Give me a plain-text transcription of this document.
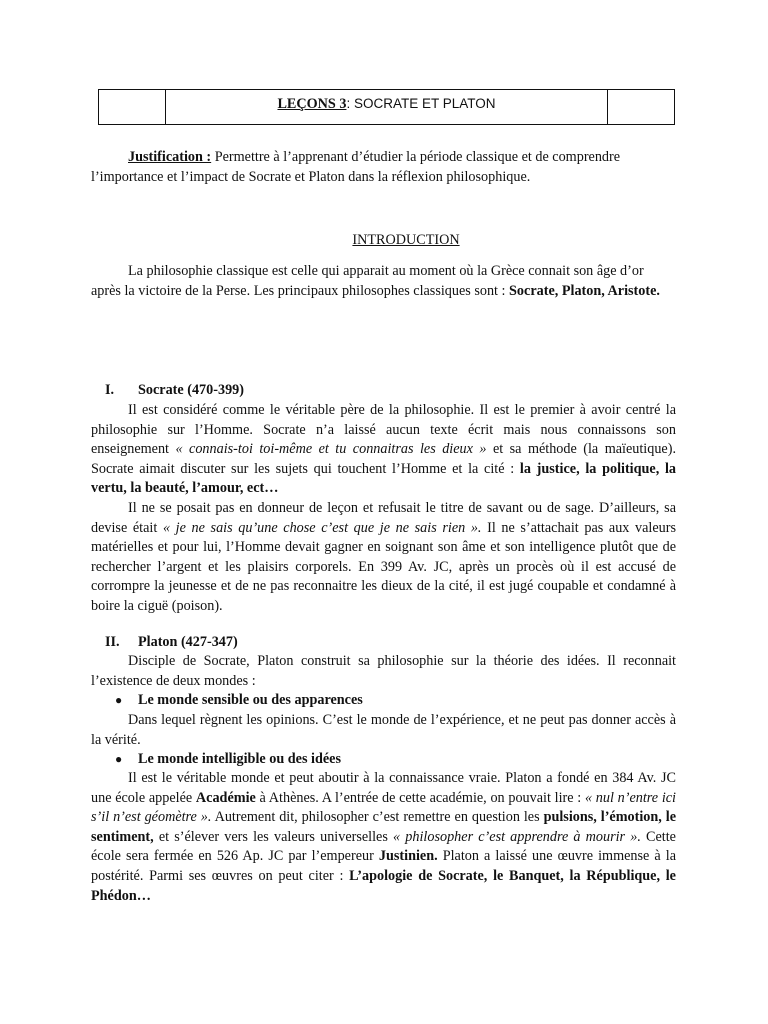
	LEÇONS 3: SOCRATE ET PLATON	

Justification : Permettre à l’apprenant d’étudier la période classique et de comprendre

l’importance et l’impact de Socrate et Platon dans la réflexion philosophique.

INTRODUCTION

La philosophie classique est celle qui apparait au moment où la Grèce connait son âge d’or après la victoire de la Perse. Les principaux philosophes classiques sont : Socrate, Platon, Aristote.

I. Socrate (470-399)

Il est considéré comme le véritable père de la philosophie. Il est le premier à avoir centré la philosophie sur l’Homme. Socrate n’a laissé aucun texte écrit mais nous connaissons son enseignement « connais-toi toi-même et tu connaitras les dieux » et sa méthode (la maïeutique). Socrate aimait discuter sur les sujets qui touchent l’Homme et la cité : la justice, la politique, la vertu, la beauté, l’amour, ect…

Il ne se posait pas en donneur de leçon et refusait le titre de savant ou de sage. D’ailleurs, sa devise était « je ne sais qu’une chose c’est que je ne sais rien ». Il ne s’attachait pas aux valeurs matérielles et pour lui, l’Homme devait gagner en soignant son âme et son intelligence plutôt que de rechercher l’argent et les plaisirs corporels. En 399 Av. JC, après un procès où il est accusé de corrompre la jeunesse et de ne pas reconnaitre les dieux de la cité, il est jugé coupable et condamné à boire la ciguë (poison).

II. Platon (427-347)

Disciple de Socrate, Platon construit sa philosophie sur la théorie des idées. Il reconnait l’existence de deux mondes :

● Le monde sensible ou des apparences

Dans lequel règnent les opinions. C’est le monde de l’expérience, et ne peut pas donner accès à la vérité.

● Le monde intelligible ou des idées

Il est le véritable monde et peut aboutir à la connaissance vraie. Platon a fondé en 384 Av. JC une école appelée Académie à Athènes. A l’entrée de cette académie, on pouvait lire : « nul n’entre ici s’il n’est géomètre ». Autrement dit, philosopher c’est remettre en question les pulsions, l’émotion, le sentiment, et s’élever vers les valeurs universelles « philosopher c’est apprendre à mourir ». Cette école sera fermée en 526 Ap. JC par l’empereur Justinien. Platon a laissé une œuvre immense à la postérité. Parmi ses œuvres on peut citer : L’apologie de Socrate, le Banquet, la République, le Phédon…
